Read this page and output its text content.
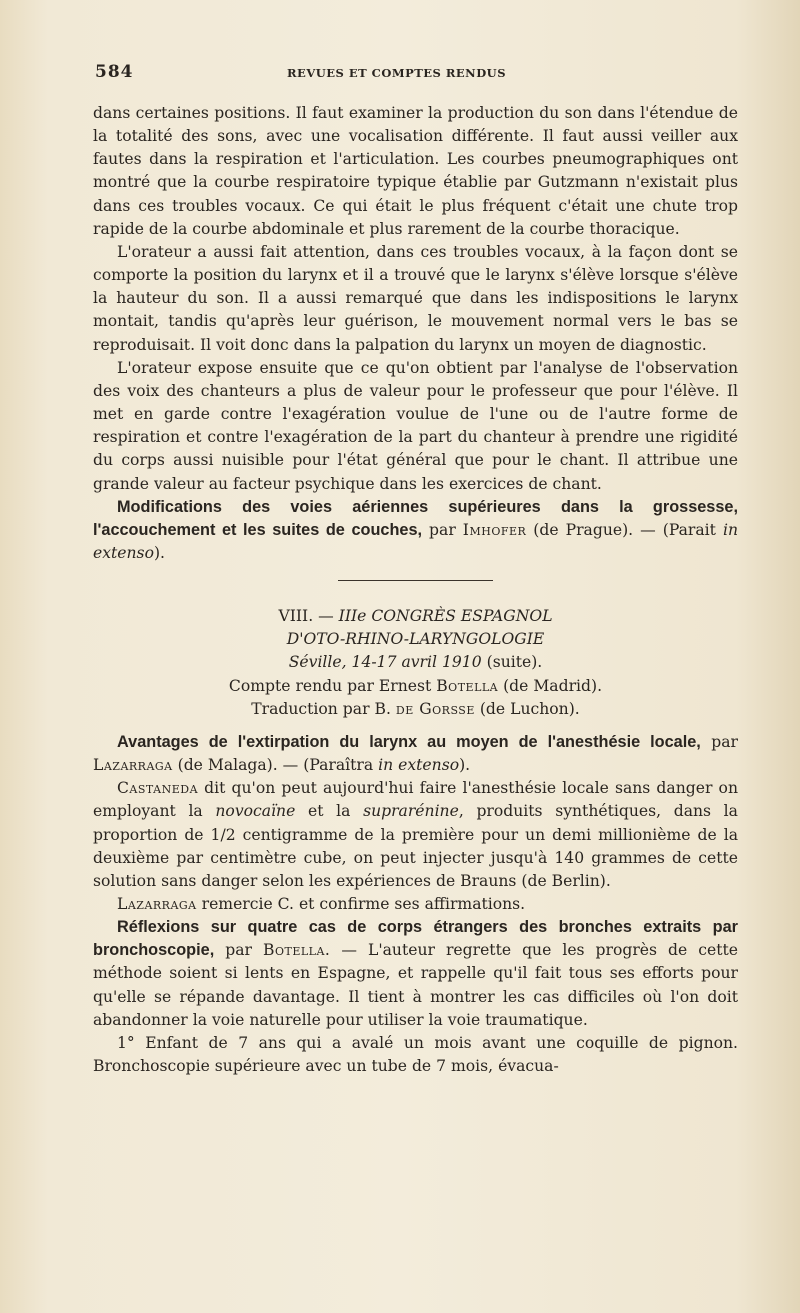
584	REVUES ET COMPTES RENDUS

dans certaines positions. Il faut examiner la production du son dans l'étendue de la totalité des sons, avec une vocalisation différente. Il faut aussi veiller aux fautes dans la respiration et l'articulation. Les courbes pneumographiques ont montré que la courbe respiratoire typique établie par Gutzmann n'existait plus dans ces troubles vocaux. Ce qui était le plus fréquent c'était une chute trop rapide de la courbe abdominale et plus rarement de la courbe thoracique.

L'orateur a aussi fait attention, dans ces troubles vocaux, à la façon dont se comporte la position du larynx et il a trouvé que le larynx s'élève lorsque s'élève la hauteur du son. Il a aussi remarqué que dans les indispositions le larynx montait, tandis qu'après leur guérison, le mouvement normal vers le bas se reproduisait. Il voit donc dans la palpation du larynx un moyen de diagnostic.

L'orateur expose ensuite que ce qu'on obtient par l'analyse de l'observation des voix des chanteurs a plus de valeur pour le professeur que pour l'élève. Il met en garde contre l'exagération voulue de l'une ou de l'autre forme de respiration et contre l'exagération de la part du chanteur à prendre une rigidité du corps aussi nuisible pour l'état général que pour le chant. Il attribue une grande valeur au facteur psychique dans les exercices de chant.

Modifications des voies aériennes supérieures dans la grossesse, l'accouchement et les suites de couches, par Imhofer (de Prague). — (Parait in extenso).

VIII. — IIIe CONGRÈS ESPAGNOL
D'OTO-RHINO-LARYNGOLOGIE
Séville, 14-17 avril 1910 (suite).
Compte rendu par Ernest Botella (de Madrid).
Traduction par B. de Gorsse (de Luchon).

Avantages de l'extirpation du larynx au moyen de l'anesthésie locale, par Lazarraga (de Malaga). — (Paraîtra in extenso).

Castaneda dit qu'on peut aujourd'hui faire l'anesthésie locale sans danger on employant la novocaïne et la suprarénine, produits synthétiques, dans la proportion de 1/2 centigramme de la première pour un demi millionième de la deuxième par centimètre cube, on peut injecter jusqu'à 140 grammes de cette solution sans danger selon les expériences de Brauns (de Berlin).

Lazarraga remercie C. et confirme ses affirmations.

Réflexions sur quatre cas de corps étrangers des bronches extraits par bronchoscopie, par Botella. — L'auteur regrette que les progrès de cette méthode soient si lents en Espagne, et rappelle qu'il fait tous ses efforts pour qu'elle se répande davantage. Il tient à montrer les cas difficiles où l'on doit abandonner la voie naturelle pour utiliser la voie traumatique.

1° Enfant de 7 ans qui a avalé un mois avant une coquille de pignon. Bronchoscopie supérieure avec un tube de 7 mois, évacua-
